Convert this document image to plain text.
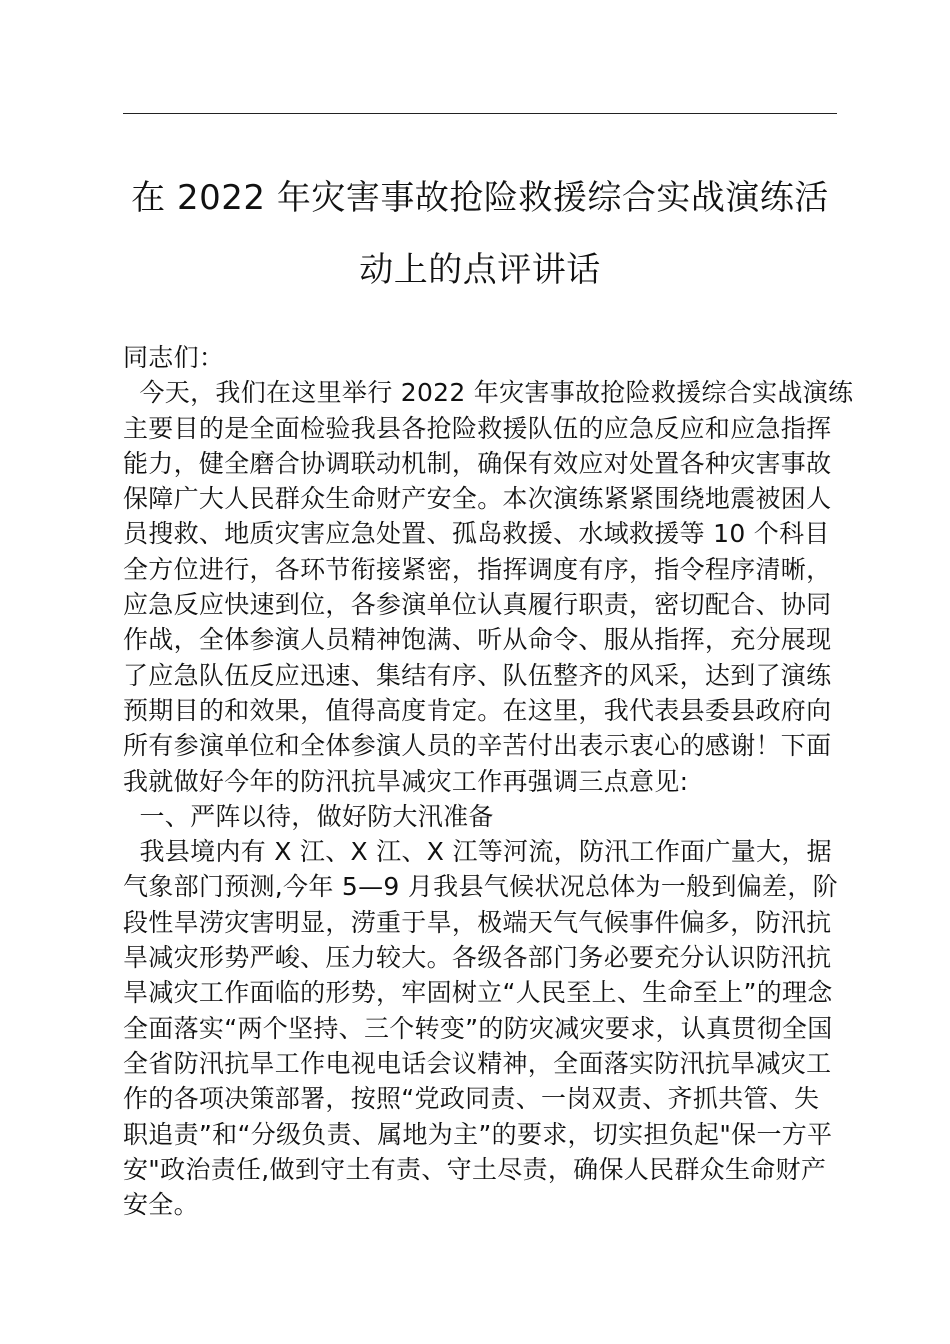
在 2022 年灾害事故抢险救援综合实战演练活
动上的点评讲话
同志们：
今天，我们在这里举行 2022 年灾害事故抢险救援综合实战演练
主要目的是全面检验我县各抢险救援队伍的应急反应和应急指挥
能力，健全磨合协调联动机制，确保有效应对处置各种灾害事故
保障广大人民群众生命财产安全。本次演练紧紧围绕地震被困人
员搜救、地质灾害应急处置、孤岛救援、水域救援等 10 个科目
全方位进行，各环节衔接紧密，指挥调度有序，指令程序清晰，
应急反应快速到位，各参演单位认真履行职责，密切配合、协同
作战，全体参演人员精神饱满、听从命令、服从指挥，充分展现
了应急队伍反应迅速、集结有序、队伍整齐的风采，达到了演练
预期目的和效果，值得高度肯定。在这里，我代表县委县政府向
所有参演单位和全体参演人员的辛苦付出表示衷心的感谢！下面
我就做好今年的防汛抗旱减灾工作再强调三点意见:
一、严阵以待，做好防大汛准备
我县境内有 X 江、X 江、X 江等河流，防汛工作面广量大，据
气象部门预测,今年 5—9 月我县气候状况总体为一般到偏差，阶
段性旱涝灾害明显，涝重于旱，极端天气气候事件偏多，防汛抗
旱减灾形势严峻、压力较大。各级各部门务必要充分认识防汛抗
旱减灾工作面临的形势，牢固树立“人民至上、生命至上”的理念
全面落实“两个坚持、三个转变”的防灾减灾要求，认真贯彻全国
全省防汛抗旱工作电视电话会议精神，全面落实防汛抗旱减灾工
作的各项决策部署，按照“党政同责、一岗双责、齐抓共管、失
职追责”和“分级负责、属地为主”的要求，切实担负起"保一方平
安"政治责任,做到守土有责、守土尽责，确保人民群众生命财产
安全。
